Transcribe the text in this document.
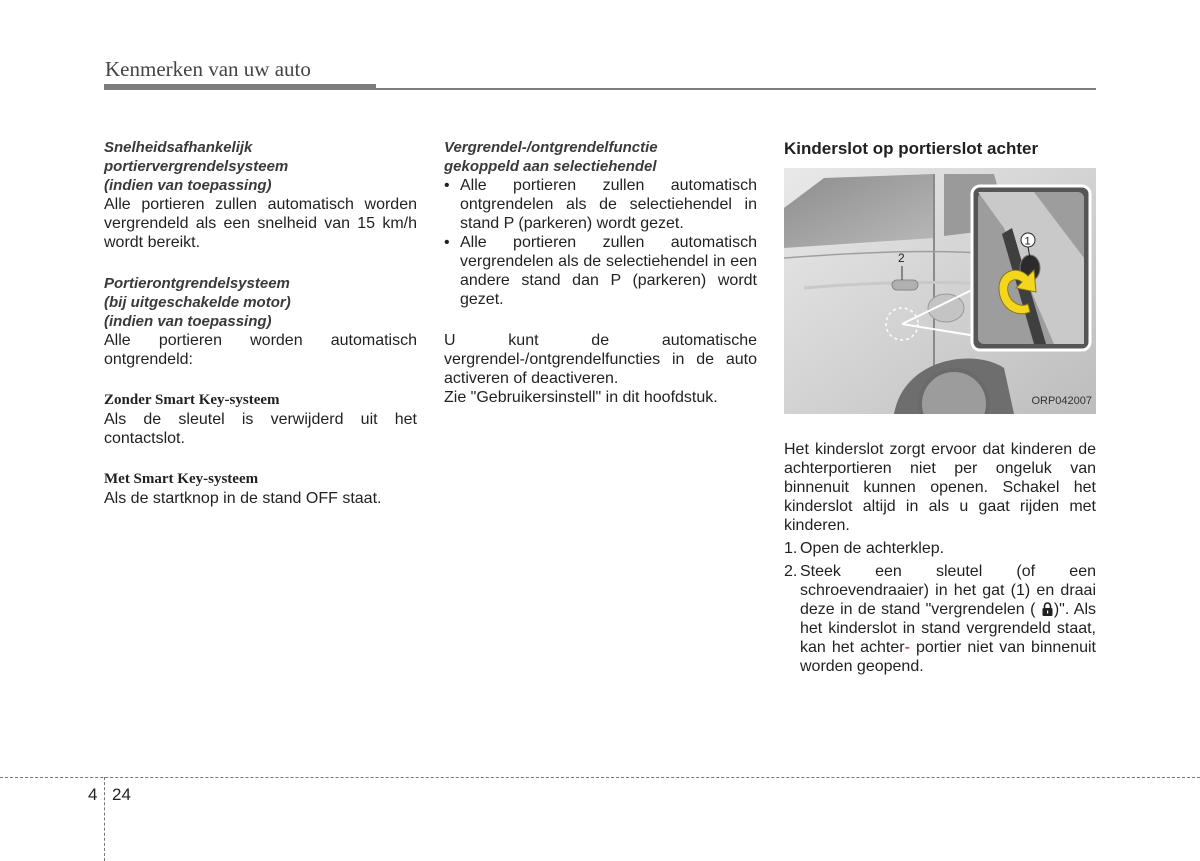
Kenmerken van uw auto

Snelheidsafhankelijk
portiervergrendelsysteem
(indien van toepassing)

Alle portieren zullen automatisch worden vergrendeld als een snelheid van 15 km/h wordt bereikt.

Portierontgrendelsysteem
(bij uitgeschakelde motor)
(indien van toepassing)

Alle portieren worden automatisch ontgrendeld:

Zonder Smart Key-systeem

Als de sleutel is verwijderd uit het contactslot.

Met Smart Key-systeem

Als de startknop in de stand OFF staat.

Vergrendel-/ontgrendelfunctie
gekoppeld aan selectiehendel

• Alle portieren zullen automatisch ontgrendelen als de selectiehendel in stand P (parkeren) wordt gezet.
• Alle portieren zullen automatisch vergrendelen als de selectiehendel in een andere stand dan P (parkeren) wordt gezet.

U kunt de automatische vergrendel-/ontgrendelfuncties in de auto activeren of deactiveren.

Zie "Gebruikersinstell" in dit hoofdstuk.

Kinderslot op portierslot achter

2
1
ORP042007

Het kinderslot zorgt ervoor dat kinderen de achterportieren niet per ongeluk van binnenuit kunnen openen. Schakel het kinderslot altijd in als u gaat rijden met kinderen.

1. Open de achterklep.
2. Steek een sleutel (of een schroevendraaier) in het gat (1) en draai deze in de stand "vergrendelen ( )". Als het kinderslot in stand vergrendeld staat, kan het achter- portier niet van binnenuit worden geopend.
4 24
